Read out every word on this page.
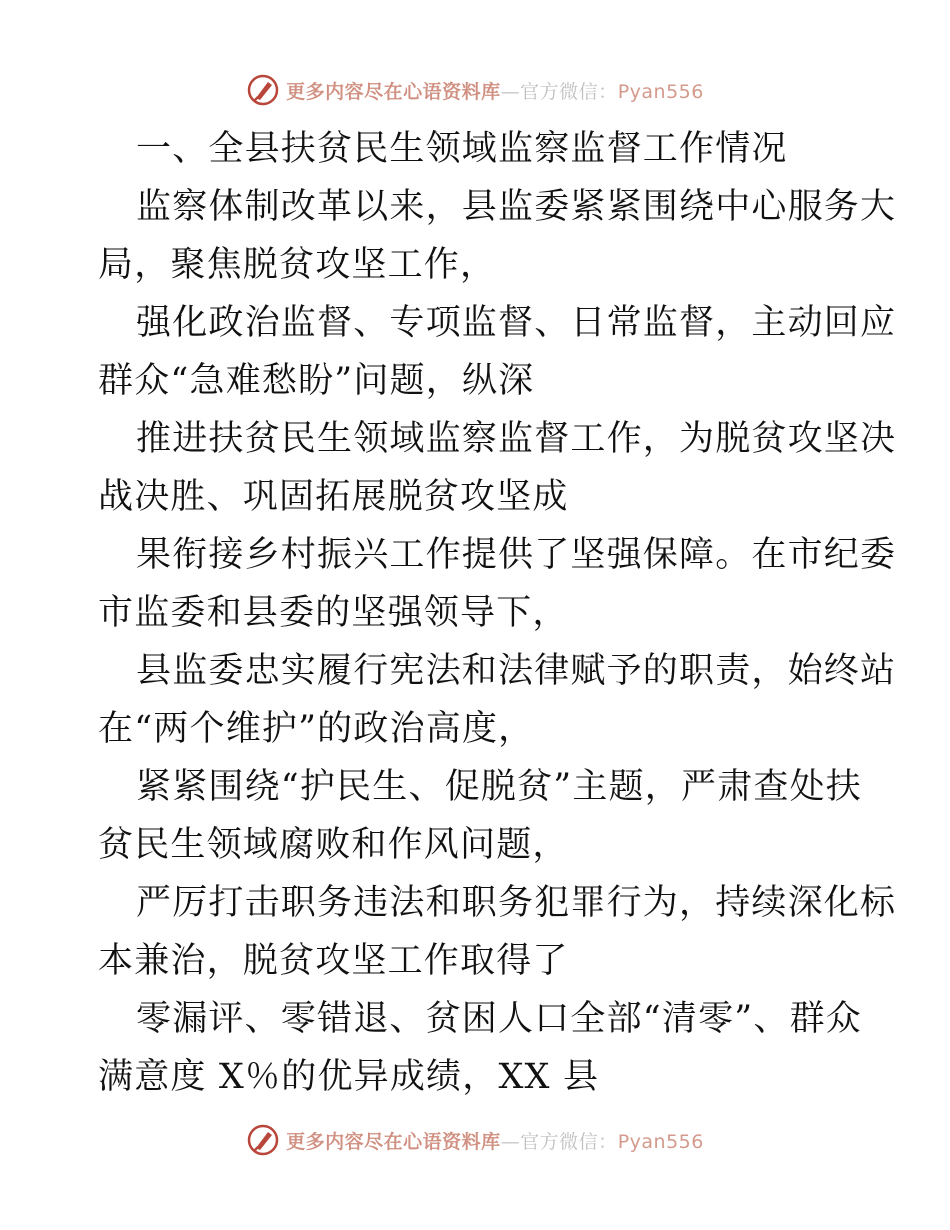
更多内容尽在心语资料库—官方微信：Pyan556
一、全县扶贫民生领域监察监督工作情况
监察体制改革以来，县监委紧紧围绕中心服务大
局，聚焦脱贫攻坚工作，
强化政治监督、专项监督、日常监督，主动回应
群众“急难愁盼”问题，纵深
推进扶贫民生领域监察监督工作，为脱贫攻坚决
战决胜、巩固拓展脱贫攻坚成
果衔接乡村振兴工作提供了坚强保障。在市纪委
市监委和县委的坚强领导下，
县监委忠实履行宪法和法律赋予的职责，始终站
在“两个维护”的政治高度，
紧紧围绕“护民生、促脱贫”主题，严肃查处扶
贫民生领域腐败和作风问题，
严厉打击职务违法和职务犯罪行为，持续深化标
本兼治，脱贫攻坚工作取得了
零漏评、零错退、贫困人口全部“清零”、群众
满意度 X％的优异成绩，XX 县
更多内容尽在心语资料库—官方微信：Pyan556
